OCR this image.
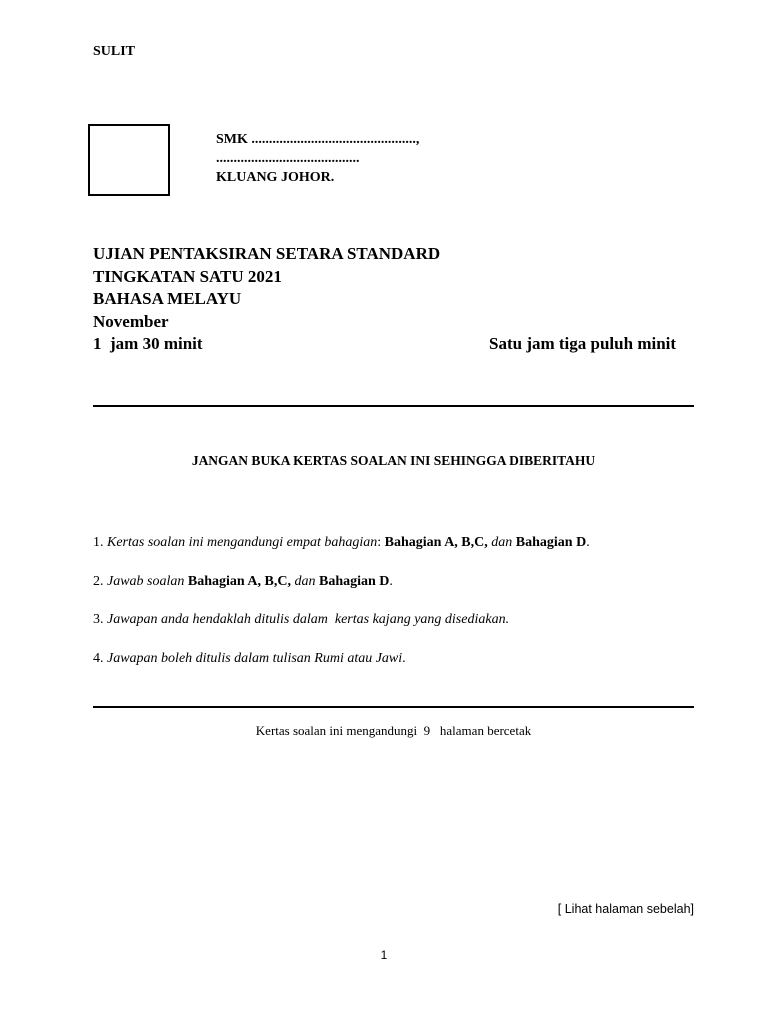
SULIT
SMK ...............................................,
.........................................
KLUANG JOHOR.
UJIAN PENTAKSIRAN SETARA STANDARD
TINGKATAN SATU 2021
BAHASA MELAYU
November
1  jam 30 minit	Satu jam tiga puluh minit
JANGAN BUKA KERTAS SOALAN INI SEHINGGA DIBERITAHU
1. Kertas soalan ini mengandungi empat bahagian: Bahagian A, B,C, dan Bahagian D.
2. Jawab soalan Bahagian A, B,C, dan Bahagian D.
3. Jawapan anda hendaklah ditulis dalam  kertas kajang yang disediakan.
4. Jawapan boleh ditulis dalam tulisan Rumi atau Jawi.
Kertas soalan ini mengandungi  9   halaman bercetak
[ Lihat halaman sebelah]
1
